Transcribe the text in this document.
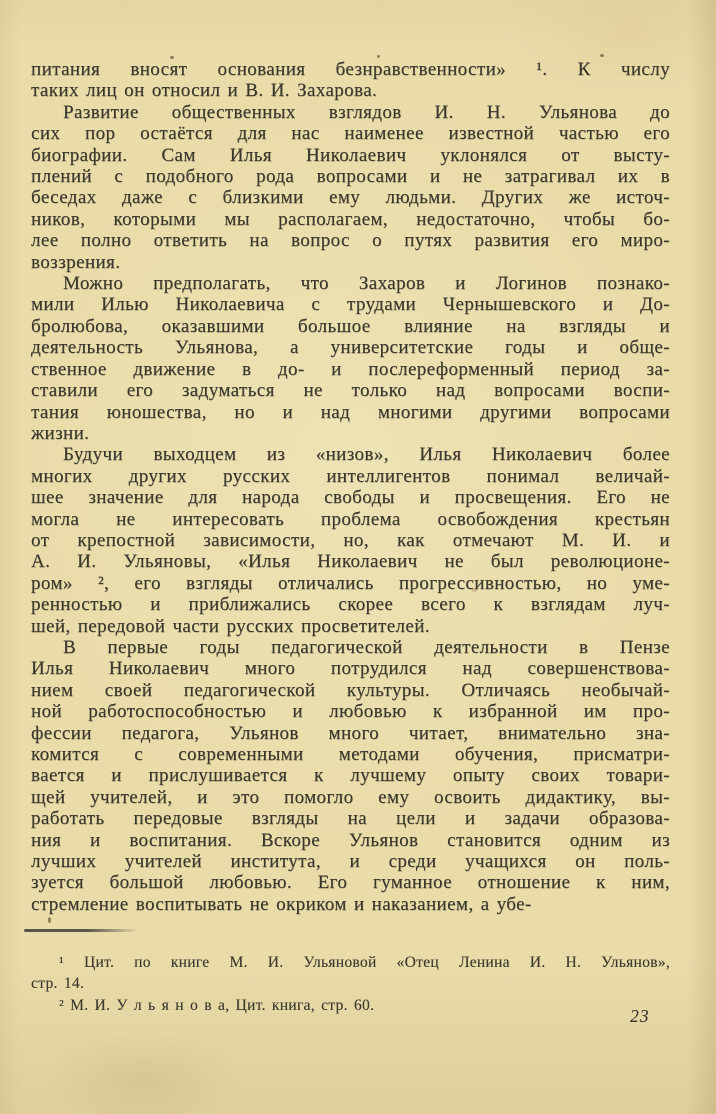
питания вносят основания безнравственности» ¹. К числу
таких лиц он относил и В. И. Захарова.
Развитие общественных взглядов И. Н. Ульянова до
сих пор остаётся для нас наименее известной частью его
биографии. Сам Илья Николаевич уклонялся от высту-
плений с подобного рода вопросами и не затрагивал их в
беседах даже с близкими ему людьми. Других же источ-
ников, которыми мы располагаем, недостаточно, чтобы бо-
лее полно ответить на вопрос о путях развития его миро-
воззрения.
Можно предполагать, что Захаров и Логинов познако-
мили Илью Николаевича с трудами Чернышевского и До-
бролюбова, оказавшими большое влияние на взгляды и
деятельность Ульянова, а университетские годы и обще-
ственное движение в до- и послереформенный период за-
ставили его задуматься не только над вопросами воспи-
тания юношества, но и над многими другими вопросами
жизни.
Будучи выходцем из «низов», Илья Николаевич более
многих других русских интеллигентов понимал величай-
шее значение для народа свободы и просвещения. Его не
могла не интересовать проблема освобождения крестьян
от крепостной зависимости, но, как отмечают М. И. и
А. И. Ульяновы, «Илья Николаевич не был революционе-
ром» ², его взгляды отличались прогрессивностью, но уме-
ренностью и приближались скорее всего к взглядам луч-
шей, передовой части русских просветителей.
В первые годы педагогической деятельности в Пензе
Илья Николаевич много потрудился над совершенствова-
нием своей педагогической культуры. Отличаясь необычай-
ной работоспособностью и любовью к избранной им про-
фессии педагога, Ульянов много читает, внимательно зна-
комится с современными методами обучения, присматри-
вается и прислушивается к лучшему опыту своих товари-
щей учителей, и это помогло ему освоить дидактику, вы-
работать передовые взгляды на цели и задачи образова-
ния и воспитания. Вскоре Ульянов становится одним из
лучших учителей института, и среди учащихся он поль-
зуется большой любовью. Его гуманное отношение к ним,
стремление воспитывать не окриком и наказанием, а убе-
¹ Цит. по книге М. И. Ульяновой «Отец Ленина И. Н. Ульянов»,
стр. 14.
² М. И. У л ь я н о в а, Цит. книга, стр. 60.
23
